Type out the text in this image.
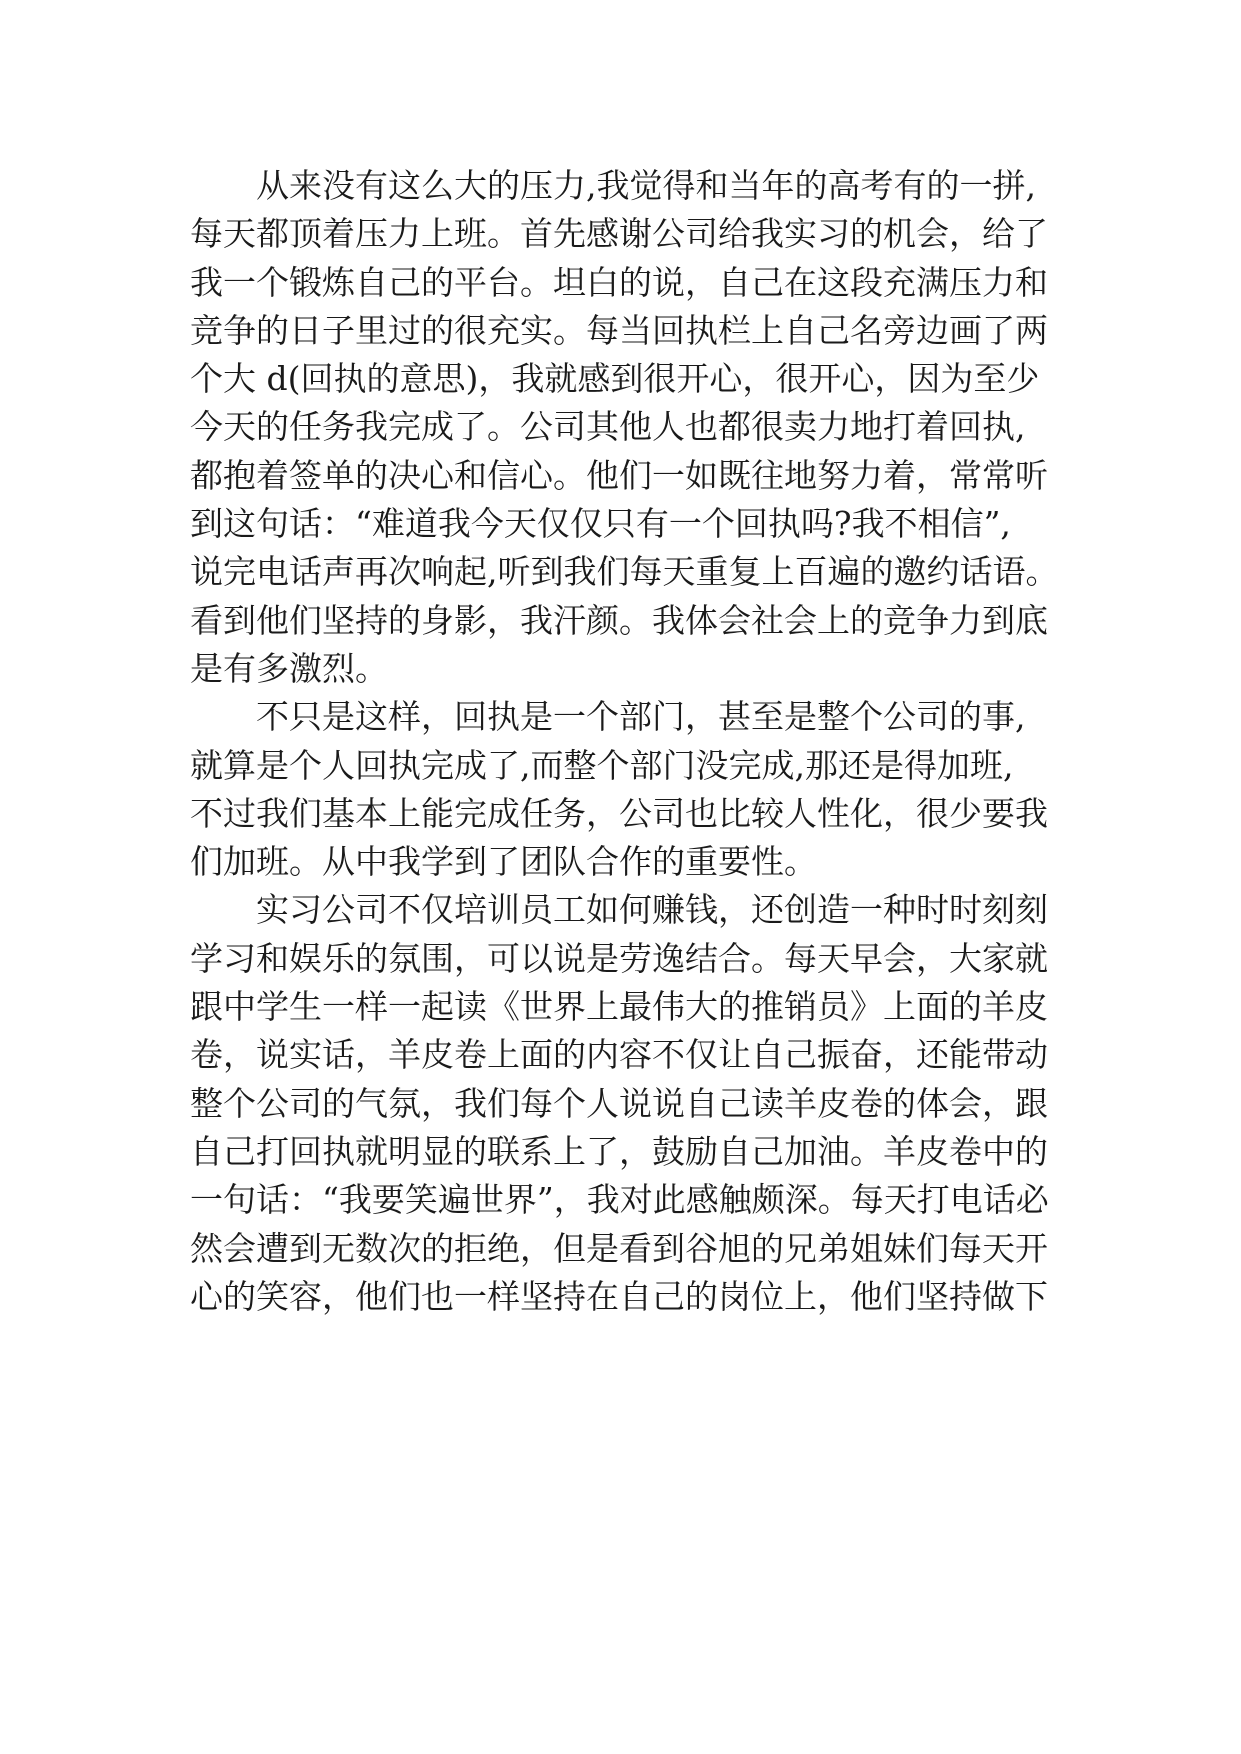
从来没有这么大的压力,我觉得和当年的高考有的一拼,
每天都顶着压力上班。首先感谢公司给我实习的机会，给了
我一个锻炼自己的平台。坦白的说，自己在这段充满压力和
竞争的日子里过的很充实。每当回执栏上自己名旁边画了两
个大 d(回执的意思)，我就感到很开心，很开心，因为至少
今天的任务我完成了。公司其他人也都很卖力地打着回执,
都抱着签单的决心和信心。他们一如既往地努力着，常常听
到这句话：“难道我今天仅仅只有一个回执吗?我不相信”,
说完电话声再次响起,听到我们每天重复上百遍的邀约话语。
看到他们坚持的身影，我汗颜。我体会社会上的竞争力到底
是有多激烈。
不只是这样，回执是一个部门，甚至是整个公司的事,
就算是个人回执完成了,而整个部门没完成,那还是得加班,
不过我们基本上能完成任务，公司也比较人性化，很少要我
们加班。从中我学到了团队合作的重要性。
实习公司不仅培训员工如何赚钱，还创造一种时时刻刻
学习和娱乐的氛围，可以说是劳逸结合。每天早会，大家就
跟中学生一样一起读《世界上最伟大的推销员》上面的羊皮
卷，说实话，羊皮卷上面的内容不仅让自己振奋，还能带动
整个公司的气氛，我们每个人说说自己读羊皮卷的体会，跟
自己打回执就明显的联系上了，鼓励自己加油。羊皮卷中的
一句话：“我要笑遍世界”，我对此感触颇深。每天打电话必
然会遭到无数次的拒绝，但是看到谷旭的兄弟姐妹们每天开
心的笑容，他们也一样坚持在自己的岗位上，他们坚持做下
